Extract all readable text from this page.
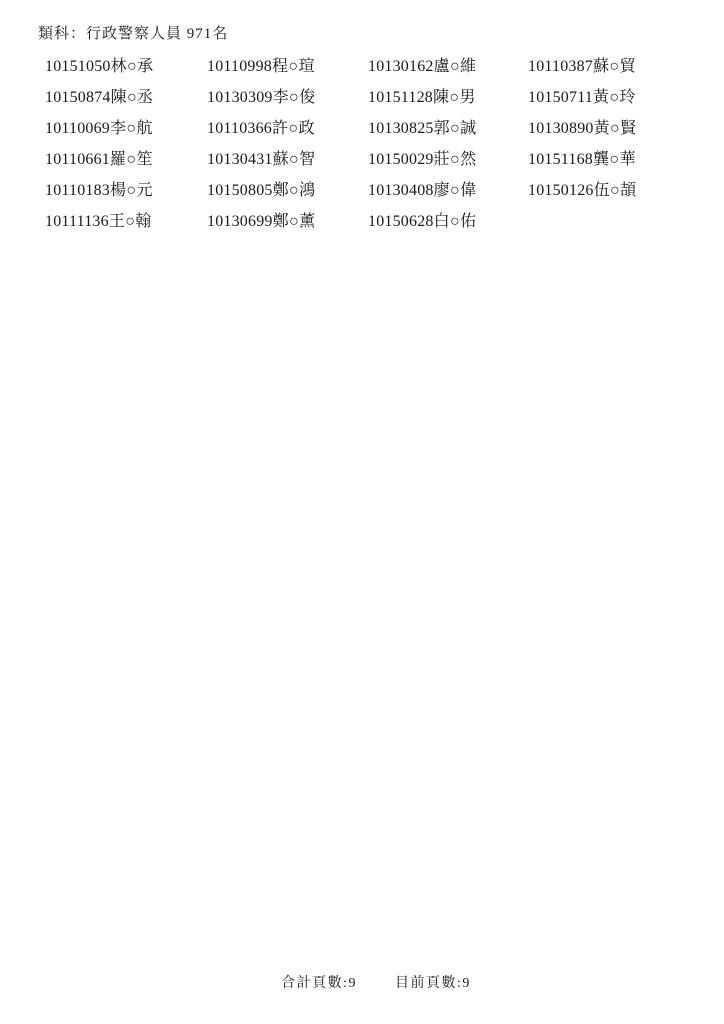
類科：行政警察人員 971名
10151050林○承	10110998程○瑄	10130162盧○維	10110387蘇○貿
10150874陳○丞	10130309李○俊	10151128陳○男	10150711黃○玲
10110069李○航	10110366許○政	10130825郭○誠	10130890黃○賢
10110661羅○笙	10130431蘇○智	10150029莊○然	10151168龔○華
10110183楊○元	10150805鄭○鴻	10130408廖○偉	10150126伍○頡
10111136王○翰	10130699鄭○薰	10150628白○佑
合計頁數:9	目前頁數:9
